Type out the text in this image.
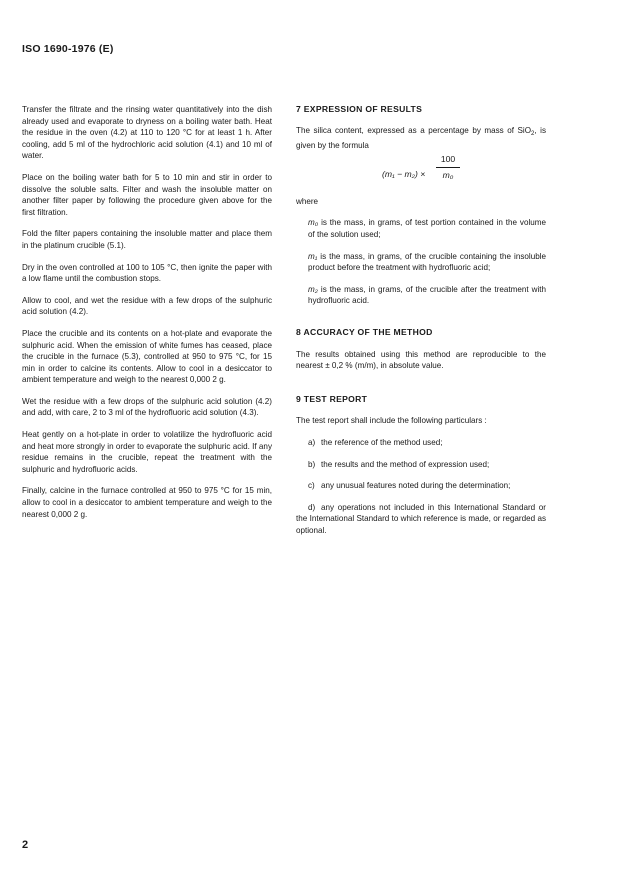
ISO 1690-1976 (E)

Transfer the filtrate and the rinsing water quantitatively into the dish already used and evaporate to dryness on a boiling water bath. Heat the residue in the oven (4.2) at 110 to 120 °C for at least 1 h. After cooling, add 5 ml of the hydrochloric acid solution (4.1) and 10 ml of water.

Place on the boiling water bath for 5 to 10 min and stir in order to dissolve the soluble salts. Filter and wash the insoluble matter on another filter paper by following the procedure given above for the first filtration.

Fold the filter papers containing the insoluble matter and place them in the platinum crucible (5.1).

Dry in the oven controlled at 100 to 105 °C, then ignite the paper with a low flame until the combustion stops.

Allow to cool, and wet the residue with a few drops of the sulphuric acid solution (4.2).

Place the crucible and its contents on a hot-plate and evaporate the sulphuric acid. When the emission of white fumes has ceased, place the crucible in the furnace (5.3), controlled at 950 to 975 °C, for 15 min in order to calcine its contents. Allow to cool in a desiccator to ambient temperature and weigh to the nearest 0,000 2 g.

Wet the residue with a few drops of the sulphuric acid solution (4.2) and add, with care, 2 to 3 ml of the hydrofluoric acid solution (4.3).

Heat gently on a hot-plate in order to volatilize the hydrofluoric acid and heat more strongly in order to evaporate the sulphuric acid. If any residue remains in the crucible, repeat the treatment with the sulphuric and hydrofluoric acids.

Finally, calcine in the furnace controlled at 950 to 975 °C for 15 min, allow to cool in a desiccator to ambient temperature and weigh to the nearest 0,000 2 g.

7 EXPRESSION OF RESULTS

The silica content, expressed as a percentage by mass of SiO$_2$, is given by the formula

$(m_1 - m_2) \times \frac{100}{\text{m₀}}$

where

m₀ is the mass, in grams, of test portion contained in the volume of the solution used;

m₁ is the mass, in grams, of the crucible containing the insoluble product before the treatment with hydrofluoric acid;

m₂ is the mass, in grams, of the crucible after the treatment with hydrofluoric acid.

8 ACCURACY OF THE METHOD

The results obtained using this method are reproducible to the nearest ± 0,2 % (m/m), in absolute value.

9 TEST REPORT

The test report shall include the following particulars :

a) the reference of the method used;

b) the results and the method of expression used;

c) any unusual features noted during the determination;

d) any operations not included in this International Standard or the International Standard to which reference is made, or regarded as optional.

2
